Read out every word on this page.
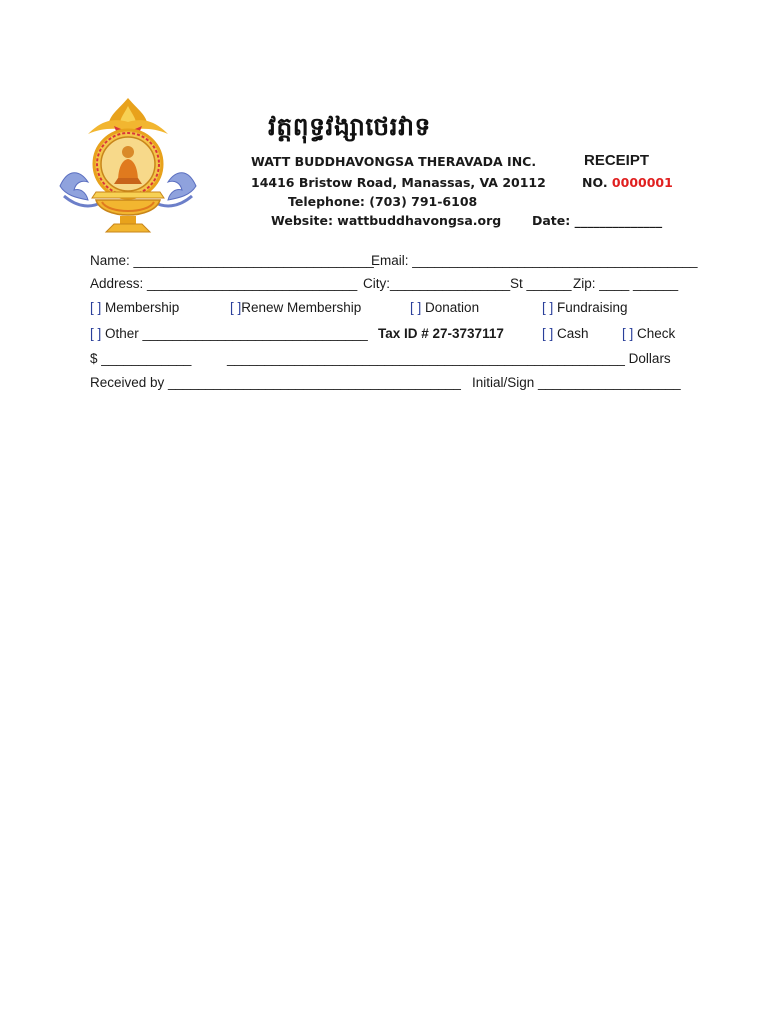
វត្តពុទ្ធវង្សាថេរវាទ
WATT BUDDHAVONGSA THERAVADA INC.
14416 Bristow Road, Manassas, VA 20112
Telephone: (703) 791-6108
Website: wattbuddhavongsa.org
RECEIPT
NO. 0000001
Date: ______________
Name: ________________________________
Email: ______________________________________
Address: ____________________________ City:________________ St ______ Zip: ____ ______
[ ] Membership	[ ]Renew Membership	[ ] Donation	[ ] Fundraising
[ ] Other ______________________________ Tax ID # 27-3737117	[ ] Cash [ ] Check
$ ____________	_____________________________________________________ Dollars
Received by _______________________________________ Initial/Sign ___________________
